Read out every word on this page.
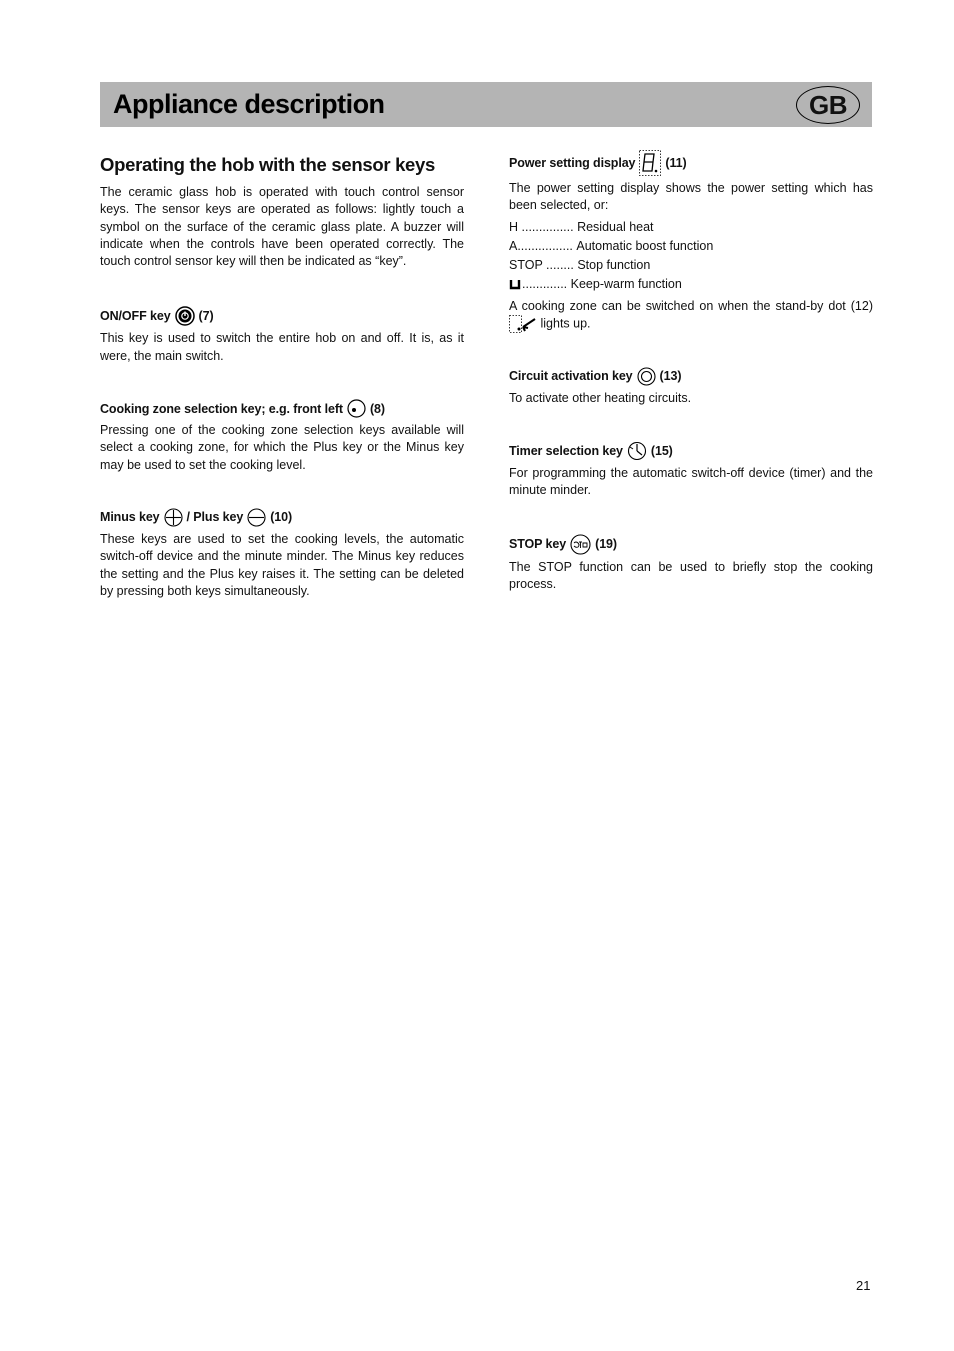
Appliance description	GB
Operating the hob with the sensor keys

The ceramic glass hob is operated with touch control sensor keys. The sensor keys are operated as follows: lightly touch a symbol on the surface of the ceramic glass plate. A buzzer will indicate when the controls have been operated correctly. The touch control sensor key will then be indicated as “key”.

ON/OFF key (7)

This key is used to switch the entire hob on and off. It is, as it were, the main switch.

Cooking zone selection key; e.g. front left (8)

Pressing one of the cooking zone selection keys available will select a cooking zone, for which the Plus key or the Minus key may be used to set the cooking level.

Minus key / Plus key (10)

These keys are used to set the cooking levels, the automatic switch-off device and the minute minder. The Minus key reduces the setting and the Plus key raises it. The setting can be deleted by pressing both keys simultaneously.

Power setting display (11)

The power setting display shows the power setting which has been selected, or:

H ...............
Residual heat
A................
Automatic boost function
STOP ........
Stop function
.............
Keep-warm function

A cooking zone can be switched on when the stand-by dot (12)  lights up.

Circuit activation key (13)

To activate other heating circuits.

Timer selection key (15)

For programming the automatic switch-off device (timer) and the minute minder.

STOP key (19)

The STOP function can be used to briefly stop the cooking process.

21
